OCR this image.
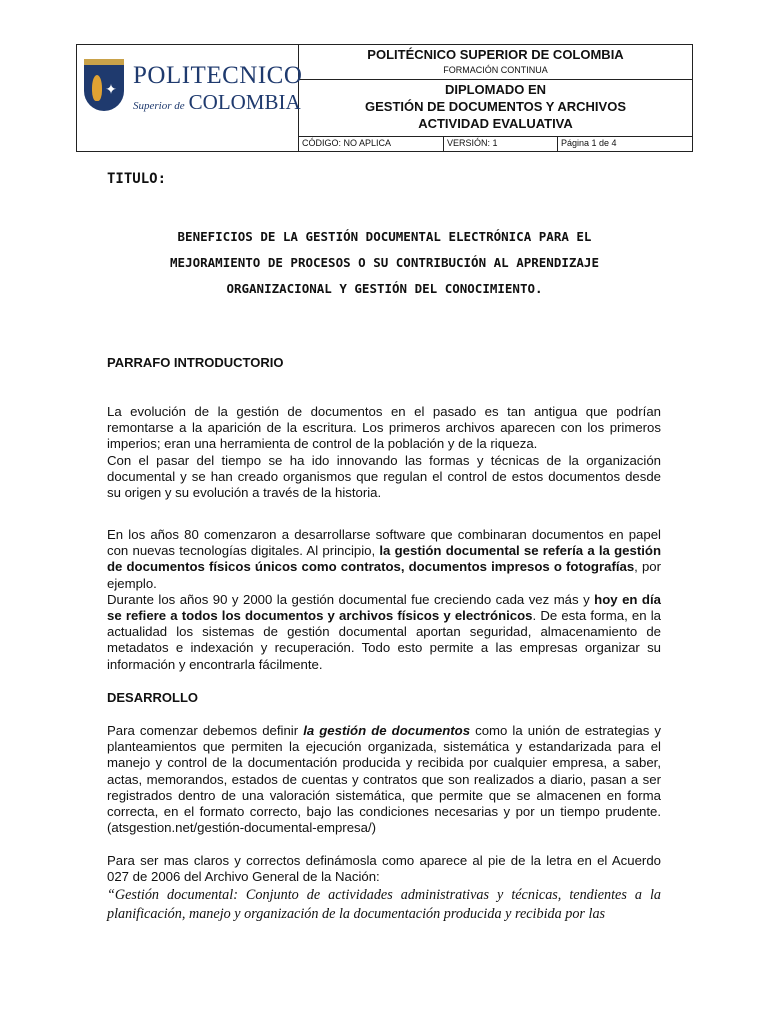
PSC
✦ POLITECNICO
Superior de COLOMBIA
POLITÉCNICO SUPERIOR DE COLOMBIA
FORMACIÓN CONTINUA
DIPLOMADO EN
GESTIÓN DE DOCUMENTOS Y ARCHIVOS
ACTIVIDAD EVALUATIVA
CÓDIGO: NO APLICA	VERSIÓN: 1	Página 1 de 4
TITULO:
BENEFICIOS DE LA GESTIÓN DOCUMENTAL ELECTRÓNICA PARA EL
MEJORAMIENTO DE PROCESOS O SU CONTRIBUCIÓN AL APRENDIZAJE
ORGANIZACIONAL Y GESTIÓN DEL CONOCIMIENTO.
PARRAFO INTRODUCTORIO
La evolución de la gestión de documentos en el pasado es tan antigua que podrían remontarse a la aparición de la escritura. Los primeros archivos aparecen con los primeros imperios; eran una herramienta de control de la población y de la riqueza.
Con el pasar del tiempo se ha ido innovando las formas y técnicas de la organización documental y se han creado organismos que regulan el control de estos documentos desde su origen y su evolución a través de la historia.
En los años 80 comenzaron a desarrollarse software que combinaran documentos en papel con nuevas tecnologías digitales. Al principio, la gestión documental se refería a la gestión de documentos físicos únicos como contratos, documentos impresos o fotografías, por ejemplo.
Durante los años 90 y 2000 la gestión documental fue creciendo cada vez más y hoy en día se refiere a todos los documentos y archivos físicos y electrónicos. De esta forma, en la actualidad los sistemas de gestión documental aportan seguridad, almacenamiento de metadatos e indexación y recuperación. Todo esto permite a las empresas organizar su información y encontrarla fácilmente.
DESARROLLO
Para comenzar debemos definir la gestión de documentos como la unión de estrategias y planteamientos que permiten la ejecución organizada, sistemática y estandarizada para el manejo y control de la documentación producida y recibida por cualquier empresa, a saber, actas, memorandos, estados de cuentas y contratos que son realizados a diario, pasan a ser registrados dentro de una valoración sistemática, que permite que se almacenen en forma correcta, en el formato correcto, bajo las condiciones necesarias y por un tiempo prudente. (atsgestion.net/gestión-documental-empresa/)
Para ser mas claros y correctos definámosla como aparece al pie de la letra en el Acuerdo 027 de 2006 del Archivo General de la Nación:
“Gestión documental: Conjunto de actividades administrativas y técnicas, tendientes a la planificación, manejo y organización de la documentación producida y recibida por las
